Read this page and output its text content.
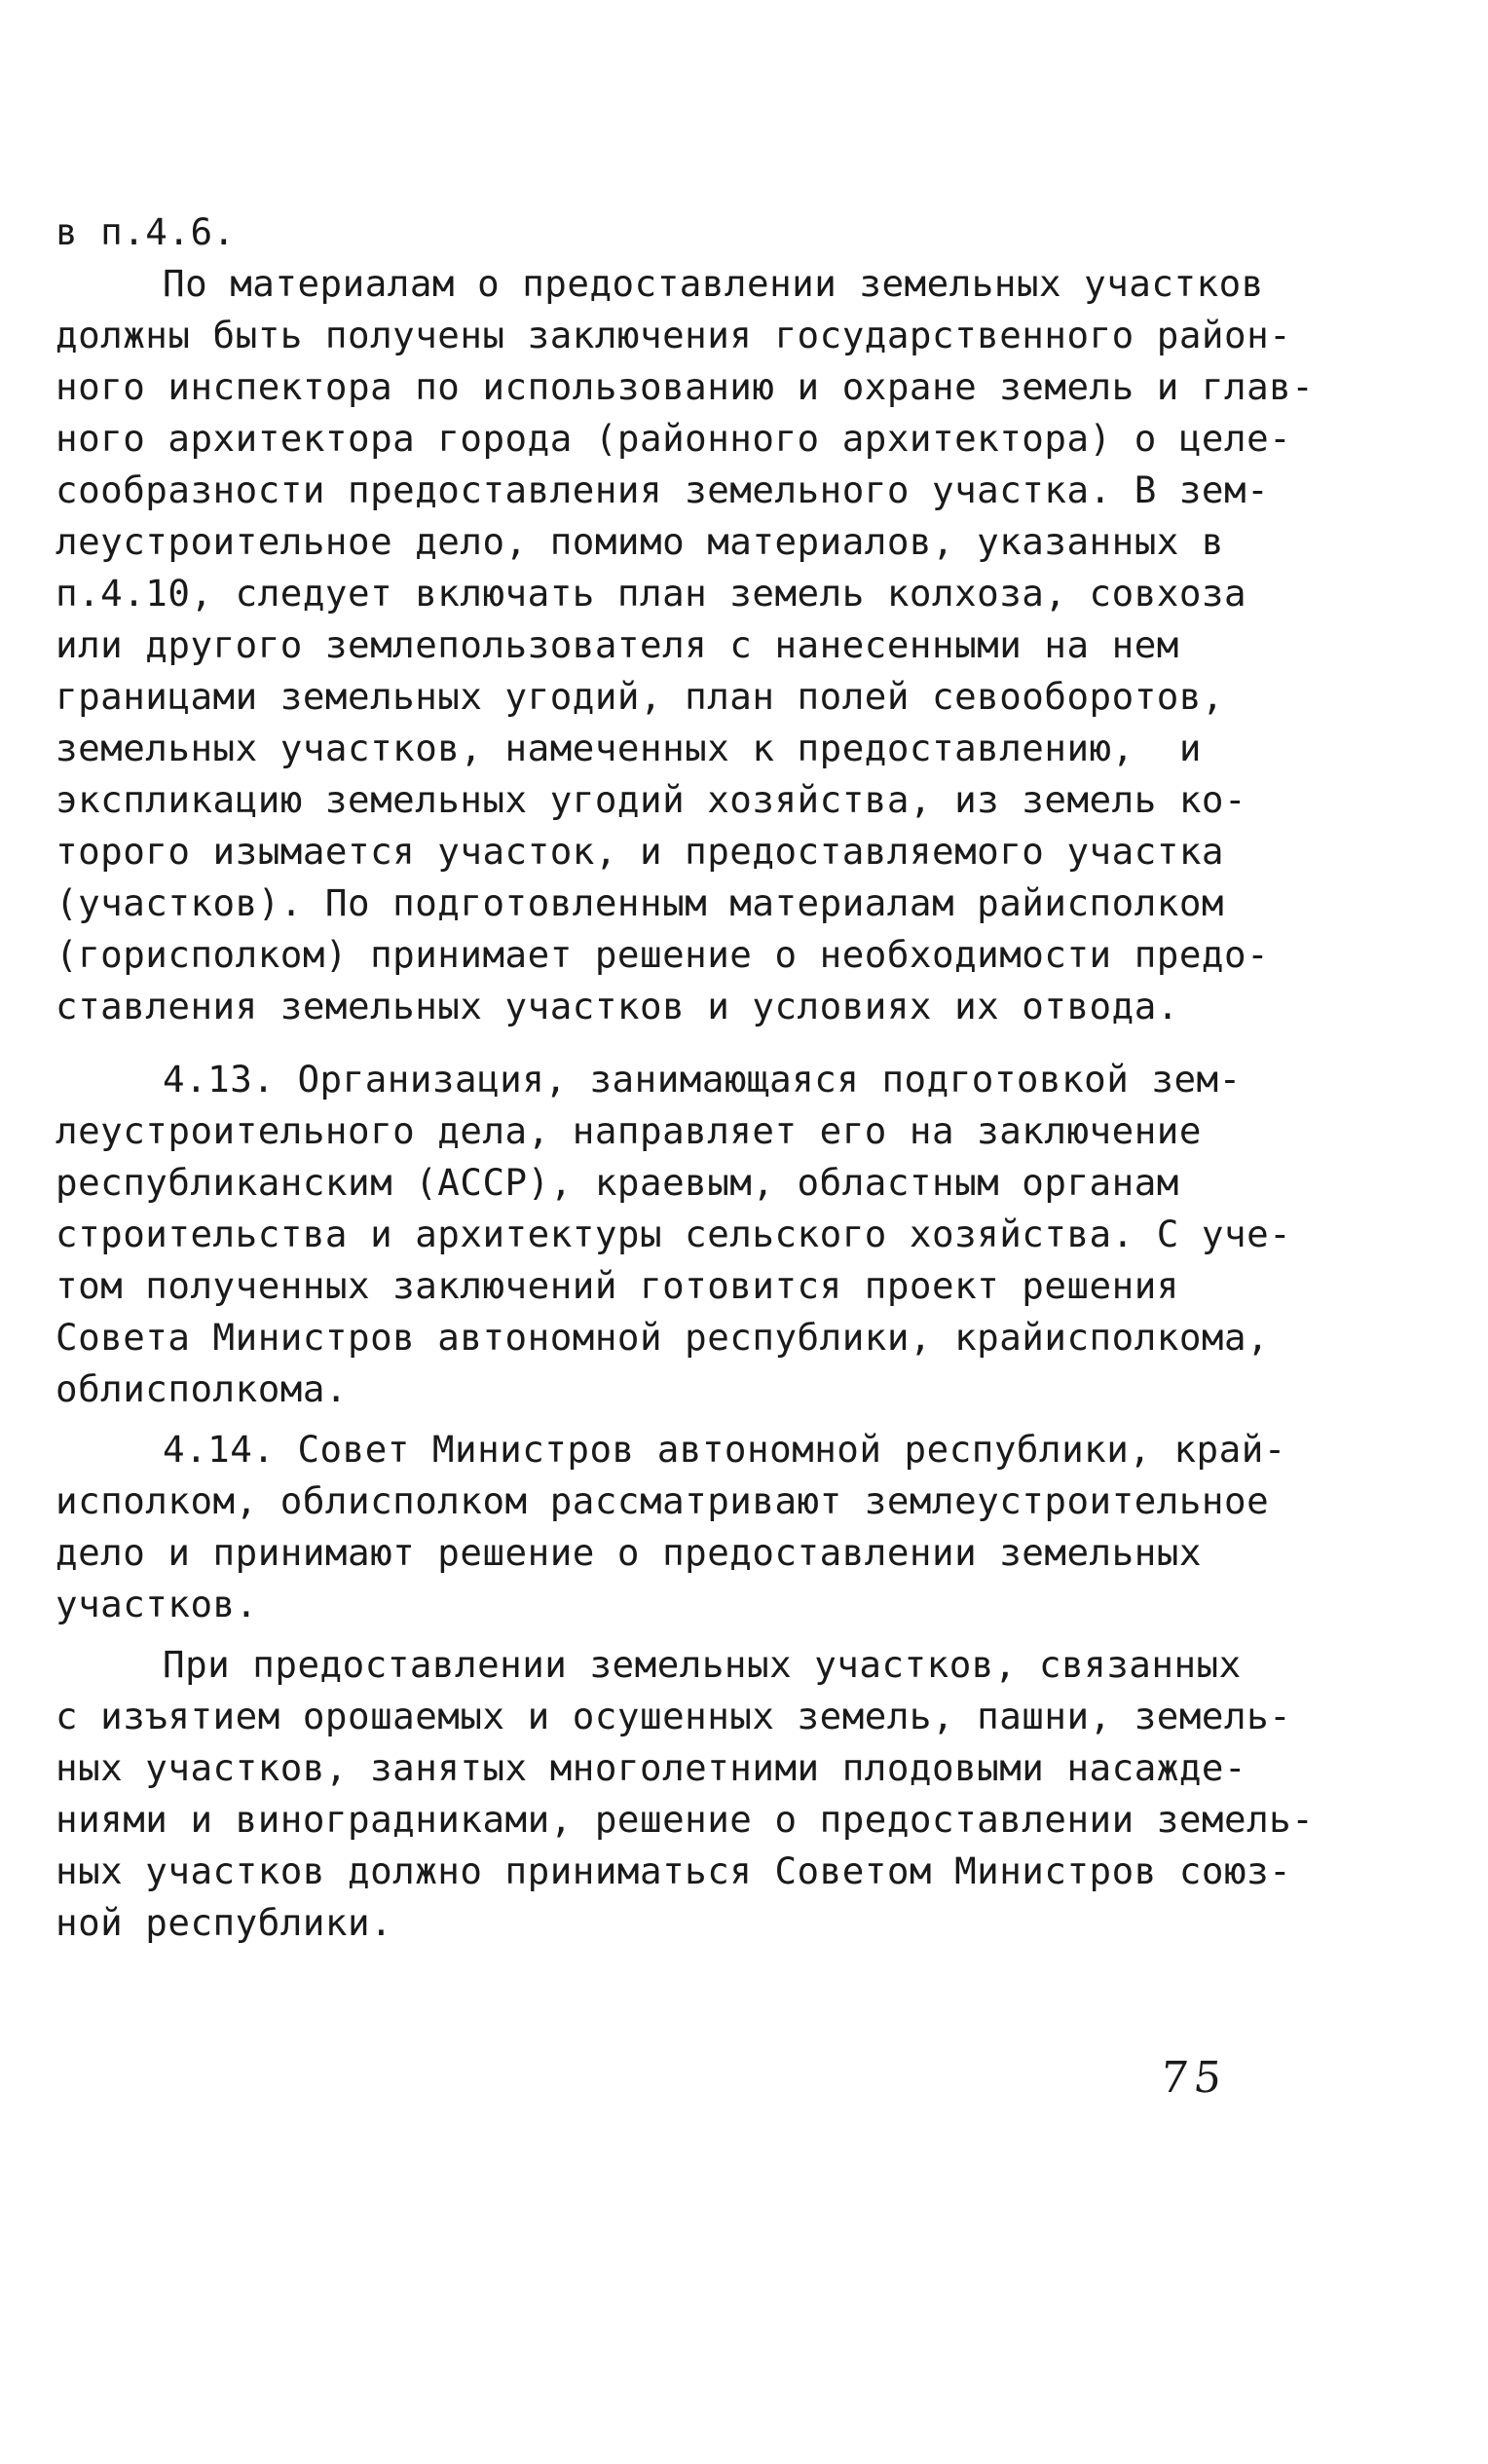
в п.4.6.
По материалам о предоставлении земельных участков
должны быть получены заключения государственного район-
ного инспектора по использованию и охране земель и глав-
ного архитектора города (районного архитектора) о целе-
сообразности предоставления земельного участка. В зем-
леустроительное дело, помимо материалов, указанных в
п.4.10, следует включать план земель колхоза, совхоза
или другого землепользователя с нанесенными на нем
границами земельных угодий, план полей севооборотов,
земельных участков, намеченных к предоставлению,  и
экспликацию земельных угодий хозяйства, из земель ко-
торого изымается участок, и предоставляемого участка
(участков). По подготовленным материалам райисполком
(горисполком) принимает решение о необходимости предо-
ставления земельных участков и условиях их отвода.
4.13. Организация, занимающаяся подготовкой зем-
леустроительного дела, направляет его на заключение
республиканским (АССР), краевым, областным органам
строительства и архитектуры сельского хозяйства. С уче-
том полученных заключений готовится проект решения
Совета Министров автономной республики, крайисполкома,
облисполкома.
4.14. Совет Министров автономной республики, край-
исполком, облисполком рассматривают землеустроительное
дело и принимают решение о предоставлении земельных
участков.
При предоставлении земельных участков, связанных
с изъятием орошаемых и осушенных земель, пашни, земель-
ных участков, занятых многолетними плодовыми насажде-
ниями и виноградниками, решение о предоставлении земель-
ных участков должно приниматься Советом Министров союз-
ной республики.
75
